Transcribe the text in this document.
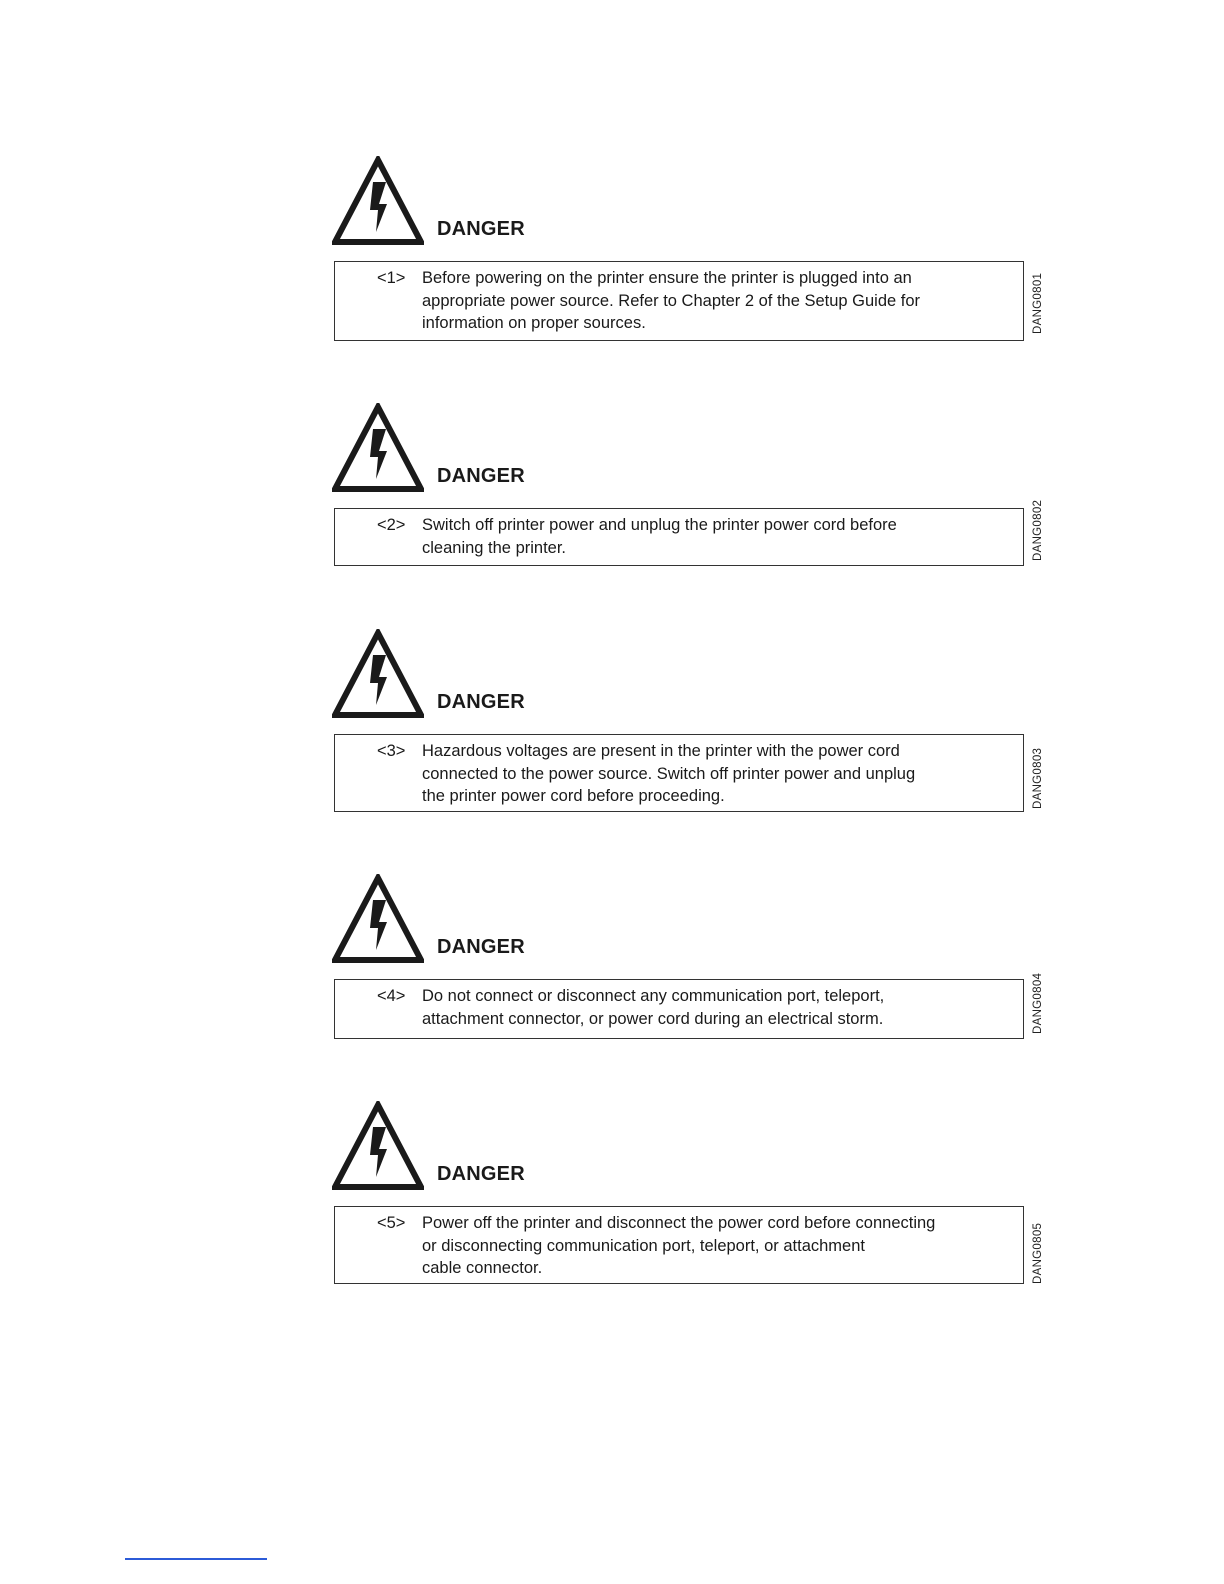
DANGER
<1> Before powering on the printer ensure the printer is plugged into an
appropriate power source. Refer to Chapter 2 of the Setup Guide for
information on proper sources.	DANG0801
DANGER
<2> Switch off printer power and unplug the printer power cord before
cleaning the printer.	DANG0802
DANGER
<3> Hazardous voltages are present in the printer with the power cord
connected to the power source. Switch off printer power and unplug
the printer power cord before proceeding.	DANG0803
DANGER
<4> Do not connect or disconnect any communication port, teleport,
attachment connector, or power cord during an electrical storm.	DANG0804
DANGER
<5> Power off the printer and disconnect the power cord before connecting
or disconnecting communication port, teleport, or attachment
cable connector.	DANG0805
